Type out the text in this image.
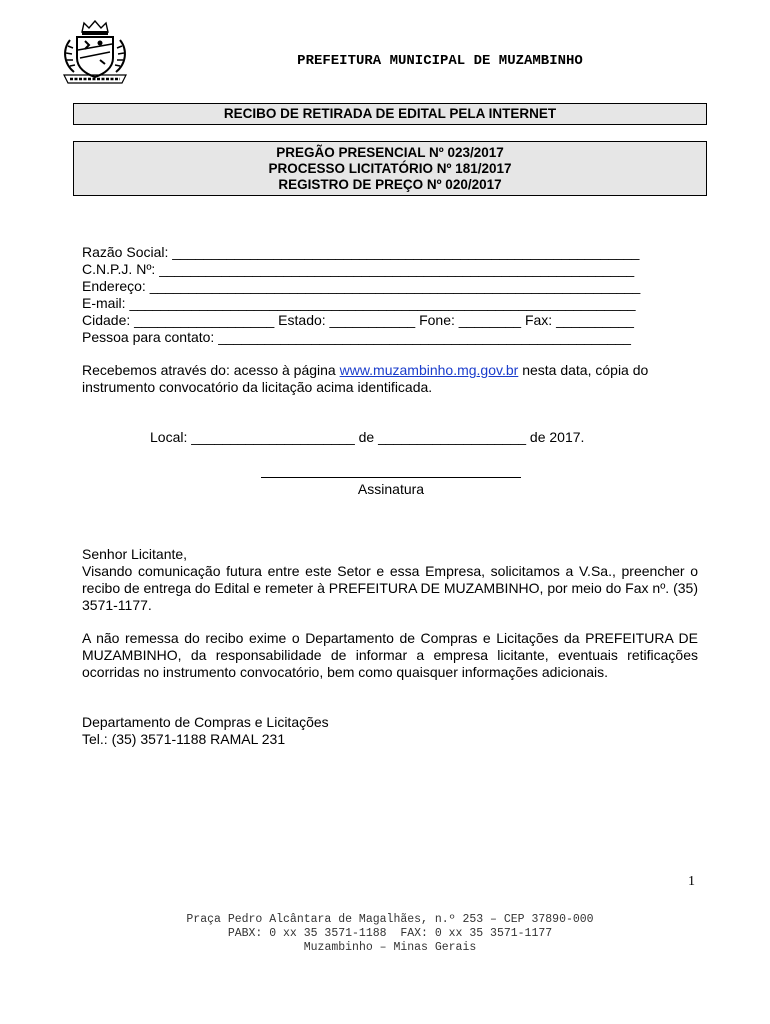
PREFEITURA MUNICIPAL DE MUZAMBINHO
RECIBO DE RETIRADA DE EDITAL PELA INTERNET
PREGÃO PRESENCIAL Nº 023/2017
PROCESSO LICITATÓRIO Nº 181/2017
REGISTRO DE PREÇO Nº 020/2017
Razão Social: ____________________________________________________________
C.N.P.J. Nº: _____________________________________________________________
Endereço: _______________________________________________________________
E-mail: _________________________________________________________________
Cidade: __________________ Estado: ___________ Fone: ________ Fax: __________
Pessoa para contato: _____________________________________________________
Recebemos através do: acesso à página www.muzambinho.mg.gov.br nesta data, cópia do instrumento convocatório da licitação acima identificada.
Local: _____________________ de ___________________ de 2017.
Assinatura
Senhor Licitante,
Visando comunicação futura entre este Setor e essa Empresa, solicitamos a V.Sa., preencher o recibo de entrega do Edital e remeter à PREFEITURA DE MUZAMBINHO, por meio do Fax nº. (35) 3571-1177.
A não remessa do recibo exime o Departamento de Compras e Licitações da PREFEITURA DE MUZAMBINHO, da responsabilidade de informar a empresa licitante, eventuais retificações ocorridas no instrumento convocatório, bem como quaisquer informações adicionais.
Departamento de Compras e Licitações
Tel.: (35) 3571-1188 RAMAL 231
1
Praça Pedro Alcântara de Magalhães, n.º 253 – CEP 37890-000
PABX: 0 xx 35 3571-1188  FAX: 0 xx 35 3571-1177
Muzambinho – Minas Gerais
